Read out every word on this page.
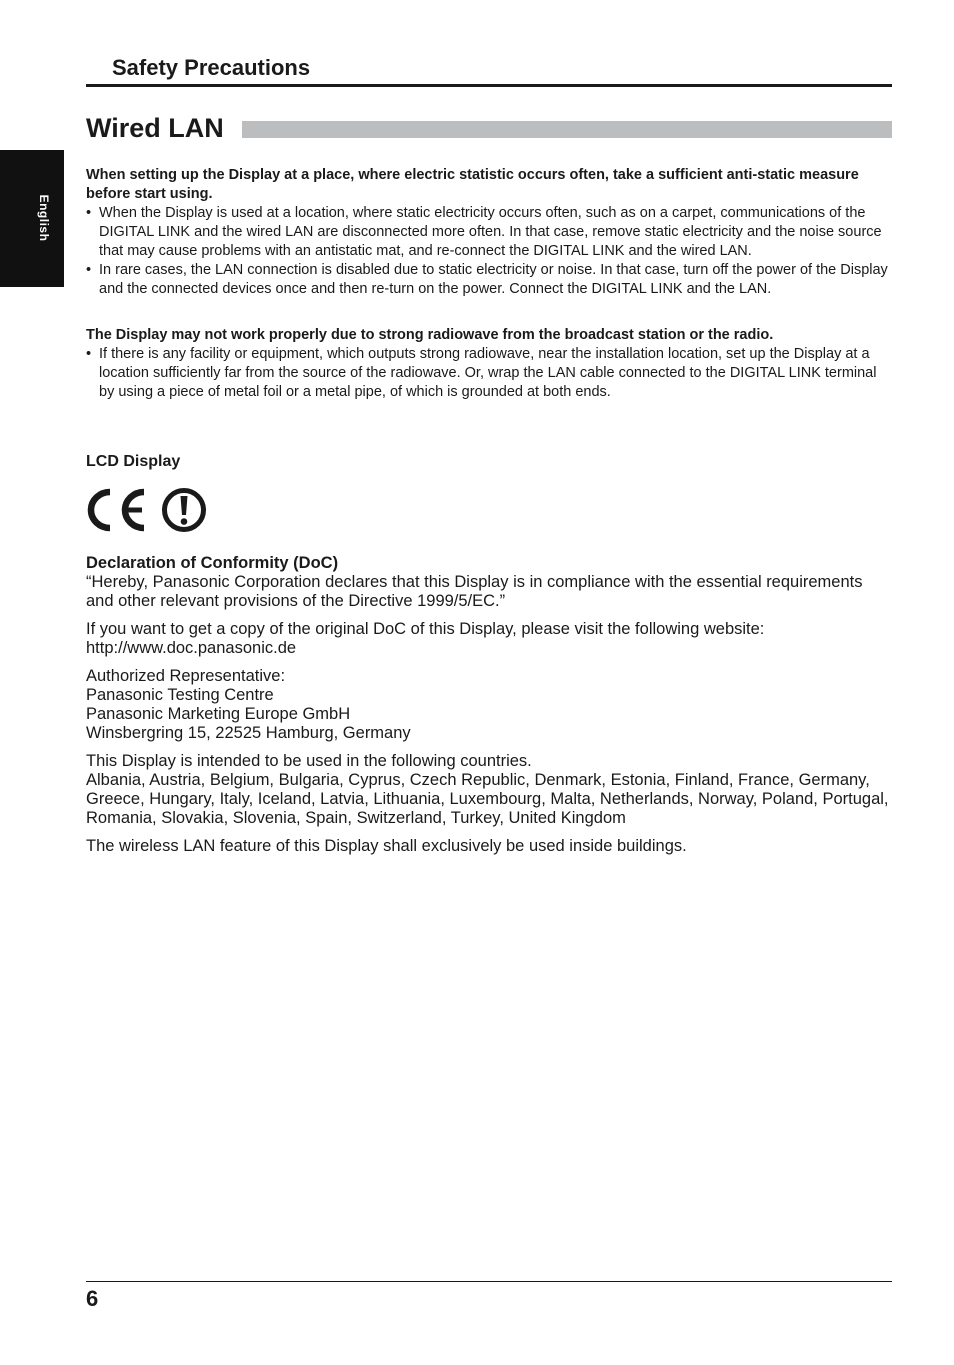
English
Safety Precautions
Wired LAN
When setting up the Display at a place, where electric statistic occurs often, take a sufficient anti-static measure before start using.
• When the Display is used at a location, where static electricity occurs often, such as on a carpet, communications of the DIGITAL LINK and the wired LAN are disconnected more often. In that case, remove static electricity and the noise source that may cause problems with an antistatic mat, and re-connect the DIGITAL LINK and the wired LAN.
• In rare cases, the LAN connection is disabled due to static electricity or noise. In that case, turn off the power of the Display and the connected devices once and then re-turn on the power. Connect the DIGITAL LINK and the LAN.
The Display may not work properly due to strong radiowave from the broadcast station or the radio.
• If there is any facility or equipment, which outputs strong radiowave, near the installation location, set up the Display at a location sufficiently far from the source of the radiowave. Or, wrap the LAN cable connected to the DIGITAL LINK terminal by using a piece of metal foil or a metal pipe, of which is grounded at both ends.
LCD Display

Declaration of Conformity (DoC)
“Hereby, Panasonic Corporation declares that this Display is in compliance with the essential requirements and other relevant provisions of the Directive 1999/5/EC.”

If you want to get a copy of the original DoC of this Display, please visit the following website:
http://www.doc.panasonic.de

Authorized Representative:
Panasonic Testing Centre
Panasonic Marketing Europe GmbH
Winsbergring 15, 22525 Hamburg, Germany

This Display is intended to be used in the following countries.
Albania, Austria, Belgium, Bulgaria, Cyprus, Czech Republic, Denmark, Estonia, Finland, France, Germany, Greece, Hungary, Italy, Iceland, Latvia, Lithuania, Luxembourg, Malta, Netherlands, Norway, Poland, Portugal, Romania, Slovakia, Slovenia, Spain, Switzerland, Turkey, United Kingdom

The wireless LAN feature of this Display shall exclusively be used inside buildings.

6
